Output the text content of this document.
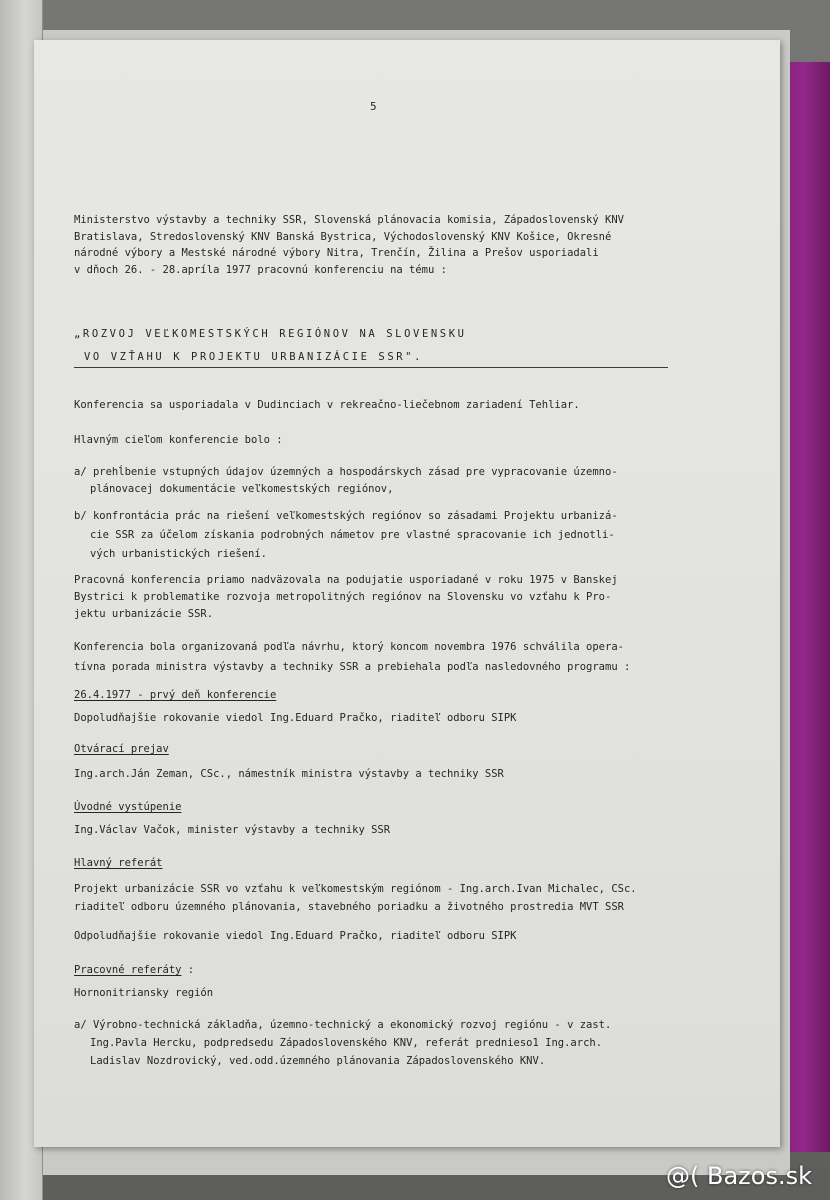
5

Ministerstvo výstavby a techniky SSR, Slovenská plánovacia komisia, Západoslovenský KNV
Bratislava, Stredoslovenský KNV Banská Bystrica, Východoslovenský KNV Košice, Okresné
národné výbory a Mestské národné výbory Nitra, Trenčín, Žilina a Prešov usporiadali
v dňoch 26. - 28.apríla 1977 pracovnú konferenciu na tému :

„ROZVOJ VEĽKOMESTSKÝCH REGIÓNOV NA SLOVENSKU

VO VZŤAHU K PROJEKTU URBANIZÁCIE SSR".

Konferencia sa usporiadala v Dudinciach v rekreačno-liečebnom zariadení Tehliar.

Hlavným cieľom konferencie bolo :

a/ prehĺbenie vstupných údajov územných a hospodárskych zásad pre vypracovanie územno-
plánovacej dokumentácie veľkomestských regiónov,
b/ konfrontácia prác na riešení veľkomestských regiónov so zásadami Projektu urbanizá-
cie SSR za účelom získania podrobných námetov pre vlastné spracovanie ich jednotli-
vých urbanistických riešení.
Pracovná konferencia priamo nadväzovala na podujatie usporiadané v roku 1975 v Banskej
Bystrici k problematike rozvoja metropolitných regiónov na Slovensku vo vzťahu k Pro-
jektu urbanizácie SSR.
Konferencia bola organizovaná podľa návrhu, ktorý koncom novembra 1976 schválila opera-
tívna porada ministra výstavby a techniky SSR a prebiehala podľa nasledovného programu :

26.4.1977 - prvý deň konferencie

Dopoludňajšie rokovanie viedol Ing.Eduard Pračko, riaditeľ odboru SIPK

Otvárací prejav

Ing.arch.Ján Zeman, CSc., námestník ministra výstavby a techniky SSR

Úvodné vystúpenie

Ing.Václav Vačok, minister výstavby a techniky SSR

Hlavný referát

Projekt urbanizácie SSR vo vzťahu k veľkomestským regiónom - Ing.arch.Ivan Michalec, CSc.
riaditeľ odboru územného plánovania, stavebného poriadku a životného prostredia MVT SSR

Odpoludňajšie rokovanie viedol Ing.Eduard Pračko, riaditeľ odboru SIPK

Pracovné referáty :

Hornonitriansky región

a/ Výrobno-technická základňa, územno-technický a ekonomický rozvoj regiónu - v zast.
Ing.Pavla Hercku, podpredsedu Západoslovenského KNV, referát prednieso1 Ing.arch.
Ladislav Nozdrovický, ved.odd.územného plánovania Západoslovenského KNV.
@( Bazos.sk
